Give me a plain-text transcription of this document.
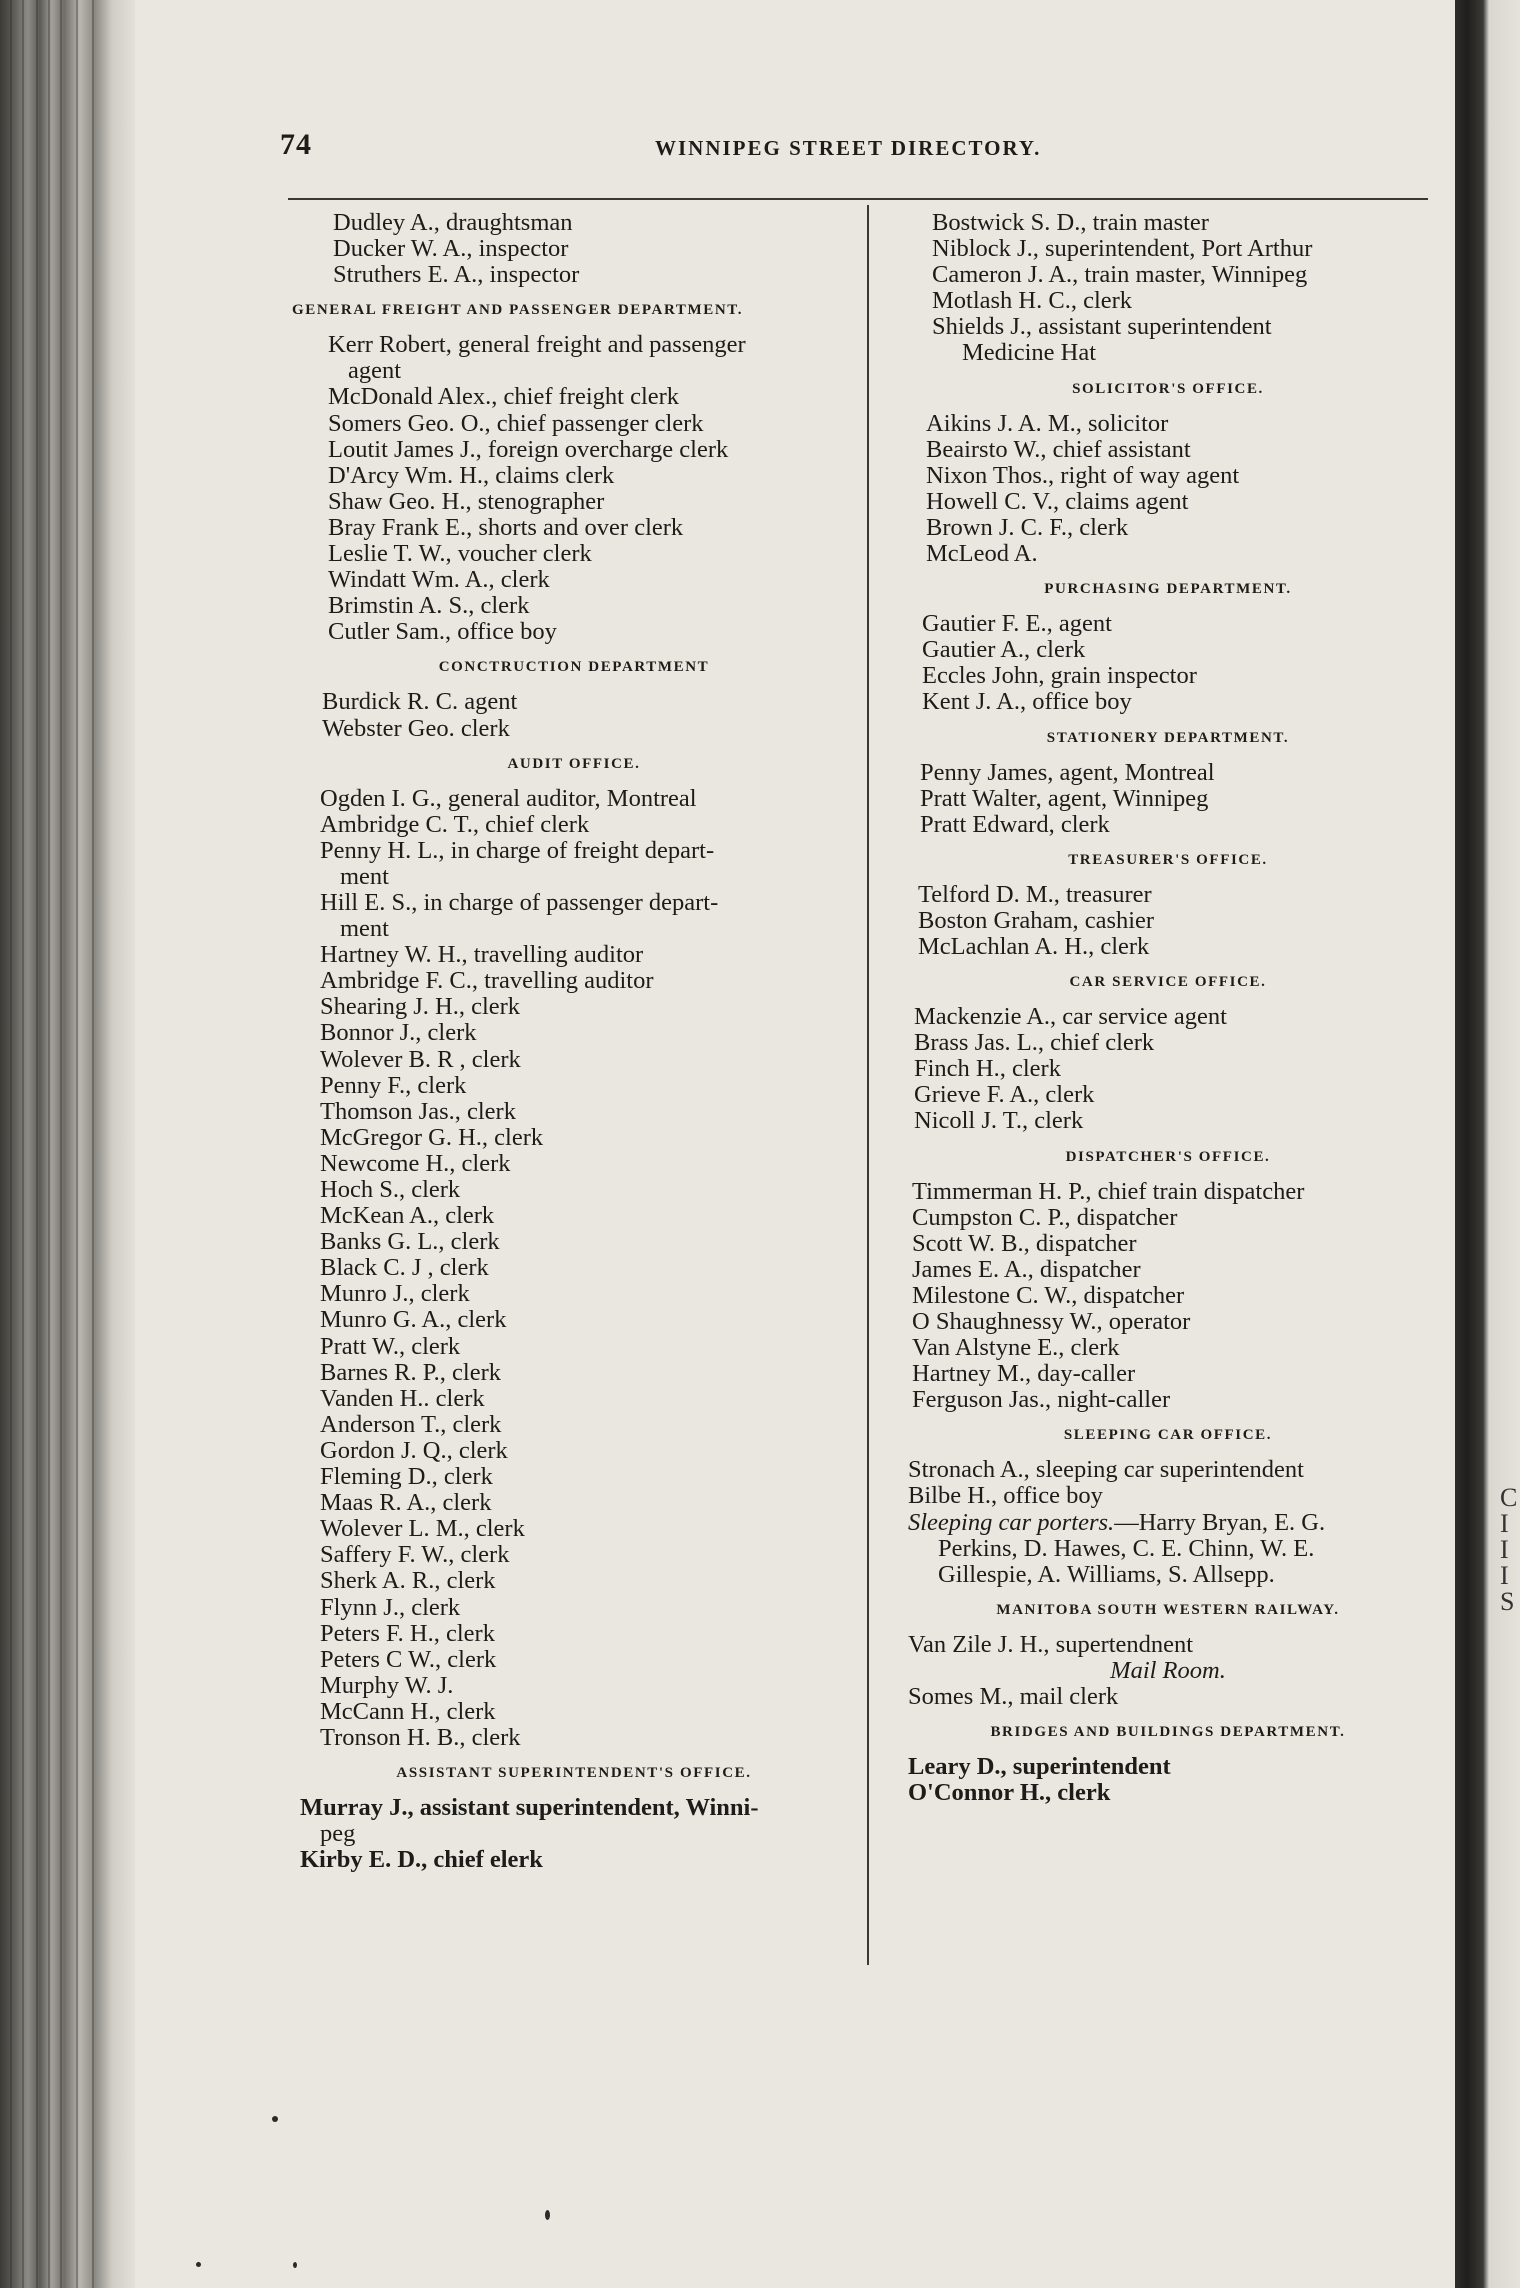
C
I
I
I
S
74	WINNIPEG STREET DIRECTORY.
Dudley A., draughtsman
Ducker W. A., inspector
Struthers E. A., inspector
GENERAL FREIGHT AND PASSENGER DEPARTMENT.
Kerr Robert, general freight and passenger
agent
McDonald Alex., chief freight clerk
Somers Geo. O., chief passenger clerk
Loutit James J., foreign overcharge clerk
D'Arcy Wm. H., claims clerk
Shaw Geo. H., stenographer
Bray Frank E., shorts and over clerk
Leslie T. W., voucher clerk
Windatt Wm. A., clerk
Brimstin A. S., clerk
Cutler Sam., office boy
CONCTRUCTION DEPARTMENT
Burdick R. C. agent
Webster Geo. clerk
AUDIT OFFICE.
Ogden I. G., general auditor, Montreal
Ambridge C. T., chief clerk
Penny H. L., in charge of freight depart-
ment
Hill E. S., in charge of passenger depart-
ment
Hartney W. H., travelling auditor
Ambridge F. C., travelling auditor
Shearing J. H., clerk
Bonnor J., clerk
Wolever B. R , clerk
Penny F., clerk
Thomson Jas., clerk
McGregor G. H., clerk
Newcome H., clerk
Hoch S., clerk
McKean A., clerk
Banks G. L., clerk
Black C. J , clerk
Munro J., clerk
Munro G. A., clerk
Pratt W., clerk
Barnes R. P., clerk
Vanden H.. clerk
Anderson T., clerk
Gordon J. Q., clerk
Fleming D., clerk
Maas R. A., clerk
Wolever L. M., clerk
Saffery F. W., clerk
Sherk A. R., clerk
Flynn J., clerk
Peters F. H., clerk
Peters C W., clerk
Murphy W. J.
McCann H., clerk
Tronson H. B., clerk
ASSISTANT SUPERINTENDENT'S OFFICE.
Murray J., assistant superintendent, Winni-
peg
Kirby E. D., chief elerk
Bostwick S. D., train master
Niblock J., superintendent, Port Arthur
Cameron J. A., train master, Winnipeg
Motlash H. C., clerk
Shields J., assistant superintendent
Medicine Hat
SOLICITOR'S OFFICE.
Aikins J. A. M., solicitor
Beairsto W., chief assistant
Nixon Thos., right of way agent
Howell C. V., claims agent
Brown J. C. F., clerk
McLeod A.
PURCHASING DEPARTMENT.
Gautier F. E., agent
Gautier A., clerk
Eccles John, grain inspector
Kent J. A., office boy
STATIONERY DEPARTMENT.
Penny James, agent, Montreal
Pratt Walter, agent, Winnipeg
Pratt Edward, clerk
TREASURER'S OFFICE.
Telford D. M., treasurer
Boston Graham, cashier
McLachlan A. H., clerk
CAR SERVICE OFFICE.
Mackenzie A., car service agent
Brass Jas. L., chief clerk
Finch H., clerk
Grieve F. A., clerk
Nicoll J. T., clerk
DISPATCHER'S OFFICE.
Timmerman H. P., chief train dispatcher
Cumpston C. P., dispatcher
Scott W. B., dispatcher
James E. A., dispatcher
Milestone C. W., dispatcher
O Shaughnessy W., operator
Van Alstyne E., clerk
Hartney M., day-caller
Ferguson Jas., night-caller
SLEEPING CAR OFFICE.
Stronach A., sleeping car superintendent
Bilbe H., office boy
Sleeping car porters.—Harry Bryan, E. G.
Perkins, D. Hawes, C. E. Chinn, W. E.
Gillespie, A. Williams, S. Allsepp.
MANITOBA SOUTH WESTERN RAILWAY.
Van Zile J. H., supertendnent
Mail Room.
Somes M., mail clerk
BRIDGES AND BUILDINGS DEPARTMENT.
Leary D., superintendent
O'Connor H., clerk
